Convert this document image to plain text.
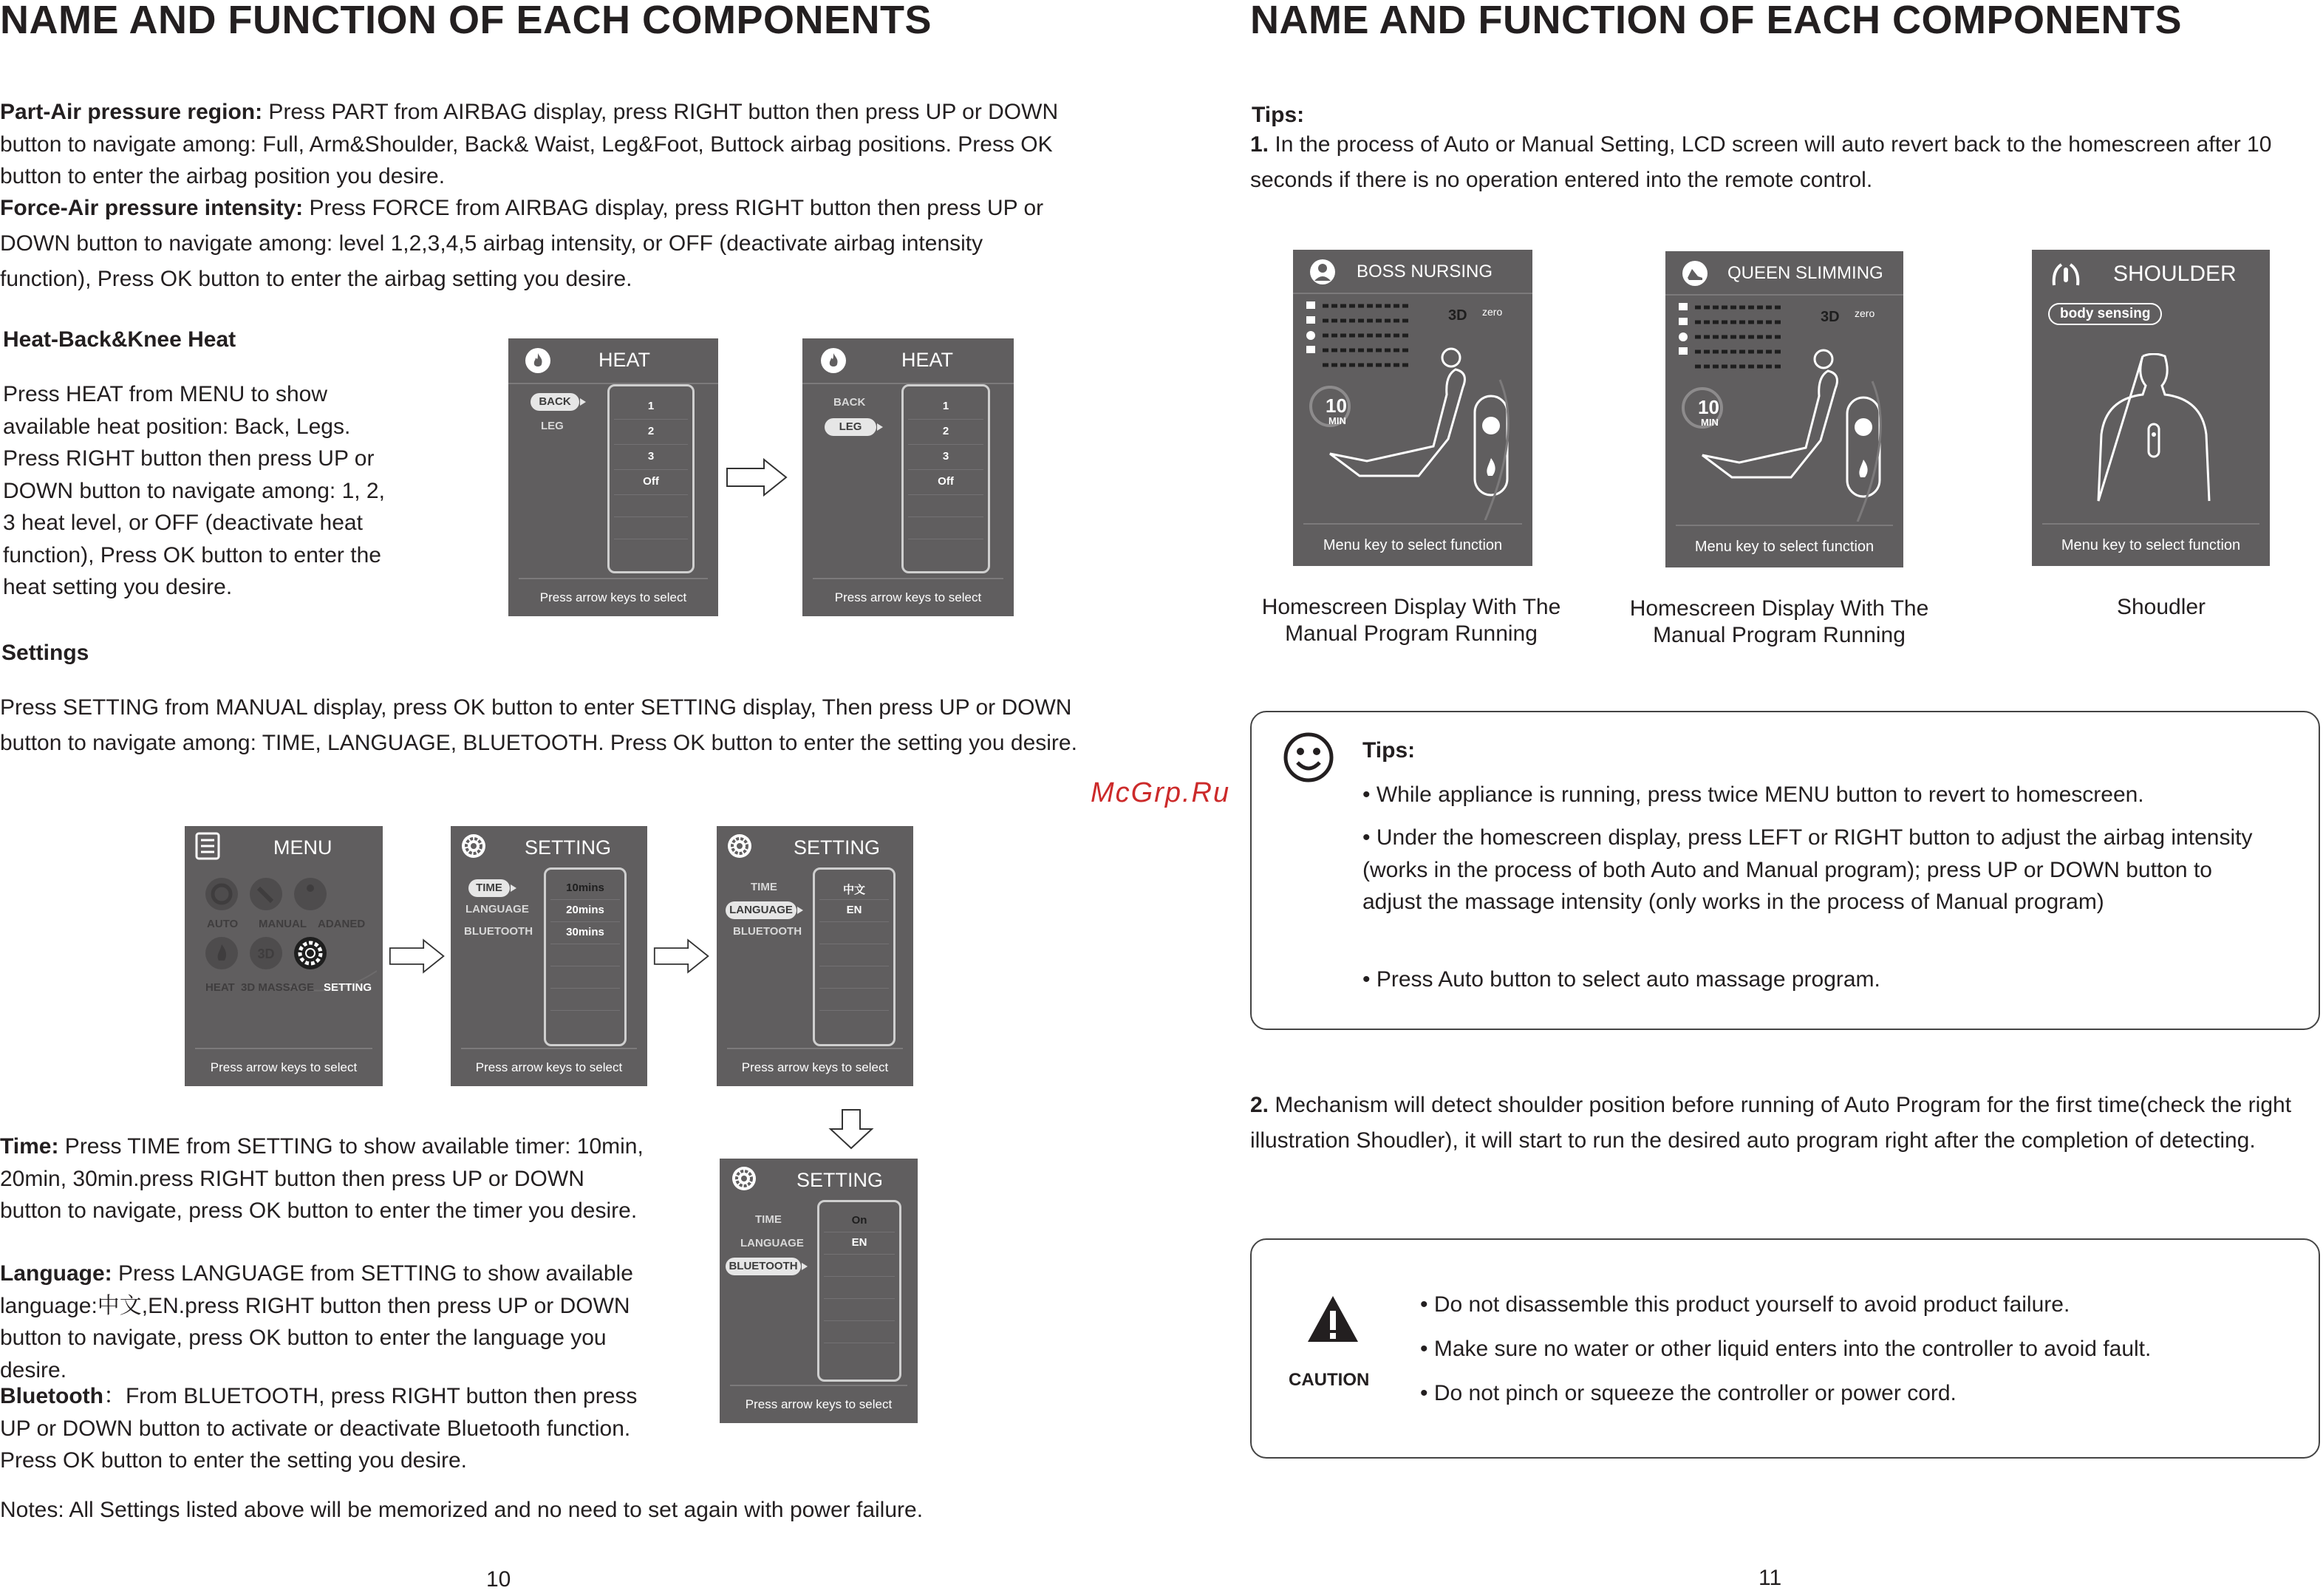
NAME AND FUNCTION OF EACH COMPONENTS

Part-Air pressure region: Press PART from AIRBAG display, press RIGHT button then press UP or DOWN button to navigate among: Full, Arm&Shoulder, Back& Waist, Leg&Foot, Buttock airbag positions. Press OK button to enter the airbag position you desire.

Force-Air pressure intensity: Press FORCE from AIRBAG display, press RIGHT button then press UP or DOWN button to navigate among: level 1,2,3,4,5 airbag intensity, or OFF (deactivate airbag intensity function), Press OK button to enter the airbag setting you desire.

Heat-Back&Knee Heat
Press HEAT from MENU to show available heat position: Back, Legs. Press RIGHT button then press UP or DOWN button to navigate among: 1, 2, 3 heat level, or OFF (deactivate heat function), Press OK button to enter the heat setting you desire.
HEAT
BACK
LEG
1
2
3
Off
Press arrow keys to select
HEAT
BACK
LEG
1
2
3
Off
Press arrow keys to select
Settings

Press SETTING from MANUAL display, press OK button to enter SETTING display, Then press UP or DOWN button to navigate among: TIME, LANGUAGE, BLUETOOTH. Press OK button to enter the setting you desire.

MENU
3D
AUTO MANUAL ADANED
HEAT 3D MASSAGE SETTING
Press arrow keys to select
SETTING
TIME
LANGUAGE
BLUETOOTH
10mins
20mins
30mins
Press arrow keys to select
SETTING
TIME
LANGUAGE
BLUETOOTH
中文
EN
Press arrow keys to select
SETTING
TIME
LANGUAGE
BLUETOOTH
On
EN
Press arrow keys to select

Time: Press TIME from SETTING to show available timer: 10min, 20min, 30min.press RIGHT button then press UP or DOWN button to navigate, press OK button to enter the timer you desire.

Language: Press LANGUAGE from SETTING to show available language:中文,EN.press RIGHT button then press UP or DOWN button to navigate, press OK button to enter the language you desire.

Bluetooth：From BLUETOOTH, press RIGHT button then press UP or DOWN button to activate or deactivate Bluetooth function. Press OK button to enter the setting you desire.

Notes: All Settings listed above will be memorized and no need to set again with power failure.
10
McGrp.Ru
NAME AND FUNCTION OF EACH COMPONENTS
Tips:

1. In the process of Auto or Manual Setting, LCD screen will auto revert back to the homescreen after 10 seconds if there is no operation entered into the remote control.

BOSS NURSING
3D zero
10
MIN
Menu key to select function
Homescreen Display With The Manual Program Running
QUEEN SLIMMING
3D zero
10
MIN
Menu key to select function
Homescreen Display With The Manual Program Running
SHOULDER
body sensing
Menu key to select function
Shoudler
Tips:
• While appliance is running, press twice MENU button to revert to homescreen.
• Under the homescreen display, press LEFT or RIGHT button to adjust the airbag intensity (works in the process of both Auto and Manual program); press UP or DOWN button to adjust the massage intensity (only works in the process of Manual program)
• Press Auto button to select auto massage program.

2. Mechanism will detect shoulder position before running of Auto Program for the first time(check the right illustration Shoudler), it will start to run the desired auto program right after the completion of detecting.

CAUTION
• Do not disassemble this product yourself to avoid product failure.
• Make sure no water or other liquid enters into the controller to avoid fault.
• Do not pinch or squeeze the controller or power cord.
11
